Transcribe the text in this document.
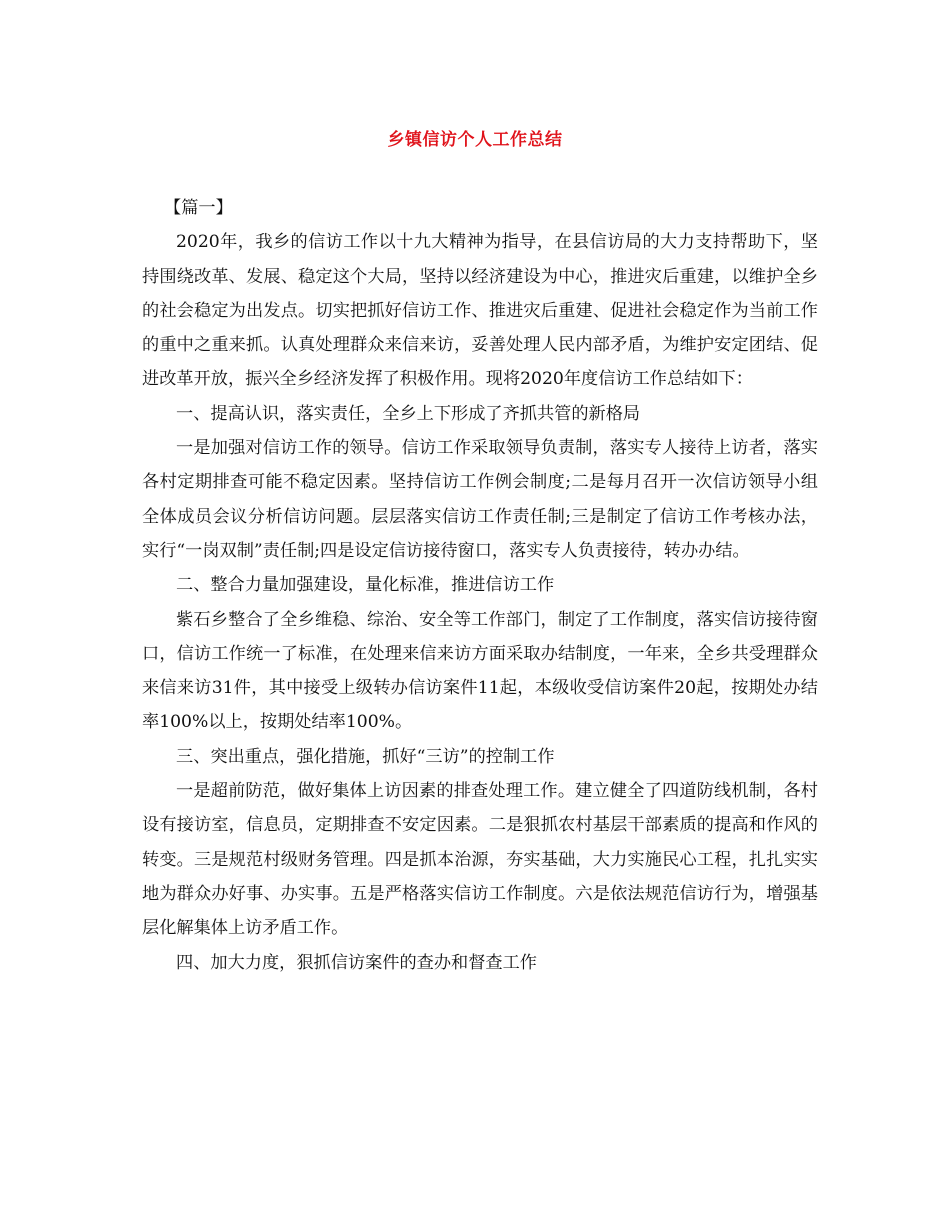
乡镇信访个人工作总结

【篇一】

2020年，我乡的信访工作以十九大精神为指导，在县信访局的大力支持帮助下，坚持围绕改革、发展、稳定这个大局，坚持以经济建设为中心，推进灾后重建，以维护全乡的社会稳定为出发点。切实把抓好信访工作、推进灾后重建、促进社会稳定作为当前工作的重中之重来抓。认真处理群众来信来访，妥善处理人民内部矛盾，为维护安定团结、促进改革开放，振兴全乡经济发挥了积极作用。现将2020年度信访工作总结如下：

一、提高认识，落实责任，全乡上下形成了齐抓共管的新格局

一是加强对信访工作的领导。信访工作采取领导负责制，落实专人接待上访者，落实各村定期排查可能不稳定因素。坚持信访工作例会制度;二是每月召开一次信访领导小组全体成员会议分析信访问题。层层落实信访工作责任制;三是制定了信访工作考核办法，实行“一岗双制”责任制;四是设定信访接待窗口，落实专人负责接待，转办办结。

二、整合力量加强建设，量化标准，推进信访工作

紫石乡整合了全乡维稳、综治、安全等工作部门，制定了工作制度，落实信访接待窗口，信访工作统一了标准，在处理来信来访方面采取办结制度，一年来，全乡共受理群众来信来访31件，其中接受上级转办信访案件11起，本级收受信访案件20起，按期处办结率100%以上，按期处结率100%。

三、突出重点，强化措施，抓好“三访”的控制工作

一是超前防范，做好集体上访因素的排查处理工作。建立健全了四道防线机制，各村设有接访室，信息员，定期排查不安定因素。二是狠抓农村基层干部素质的提高和作风的转变。三是规范村级财务管理。四是抓本治源，夯实基础，大力实施民心工程，扎扎实实地为群众办好事、办实事。五是严格落实信访工作制度。六是依法规范信访行为，增强基层化解集体上访矛盾工作。

四、加大力度，狠抓信访案件的查办和督查工作
